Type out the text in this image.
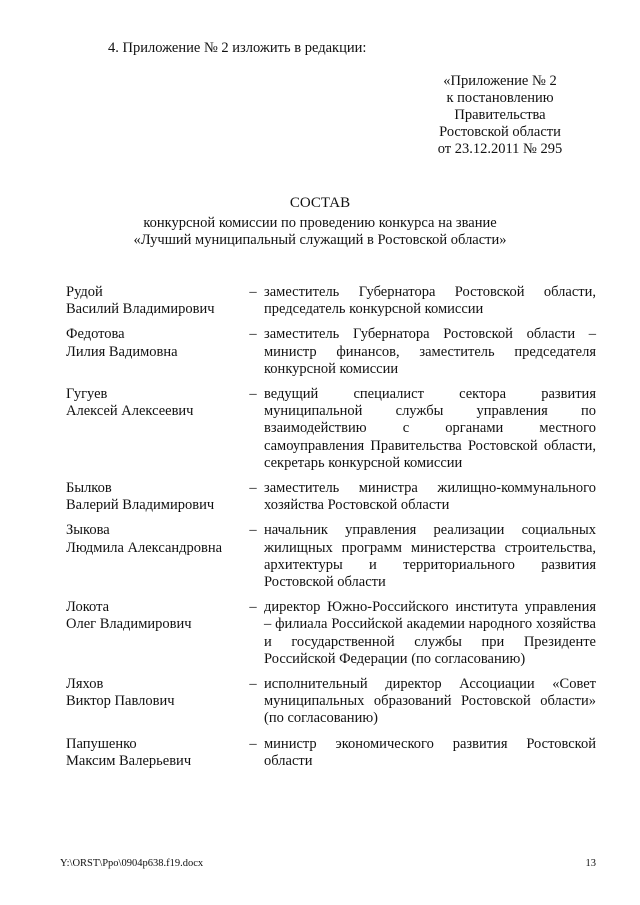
4. Приложение № 2 изложить в редакции:
«Приложение № 2
к постановлению
Правительства
Ростовской области
от 23.12.2011 № 295
СОСТАВ
конкурсной комиссии по проведению конкурса на звание
«Лучший муниципальный служащий в Ростовской области»
Рудой
Василий Владимирович
– заместитель Губернатора Ростовской области, председатель конкурсной комиссии
Федотова
Лилия Вадимовна
– заместитель Губернатора Ростовской области – министр финансов, заместитель председателя конкурсной комиссии
Гугуев
Алексей Алексеевич
– ведущий специалист сектора развития муниципальной службы управления по взаимодействию с органами местного самоуправления Правительства Ростовской области, секретарь конкурсной комиссии
Былков
Валерий Владимирович
– заместитель министра жилищно-коммунального хозяйства Ростовской области
Зыкова
Людмила Александровна
– начальник управления реализации социальных жилищных программ министерства строительства, архитектуры и территориального развития Ростовской области
Локота
Олег Владимирович
– директор Южно-Российского института управления – филиала Российской академии народного хозяйства и государственной службы при Президенте Российской Федерации (по согласованию)
Ляхов
Виктор Павлович
– исполнительный директор Ассоциации «Совет муниципальных образований Ростовской области» (по согласованию)
Папушенко
Максим Валерьевич
– министр экономического развития Ростовской области
Y:\ORST\Ppo\0904p638.f19.docx	13
